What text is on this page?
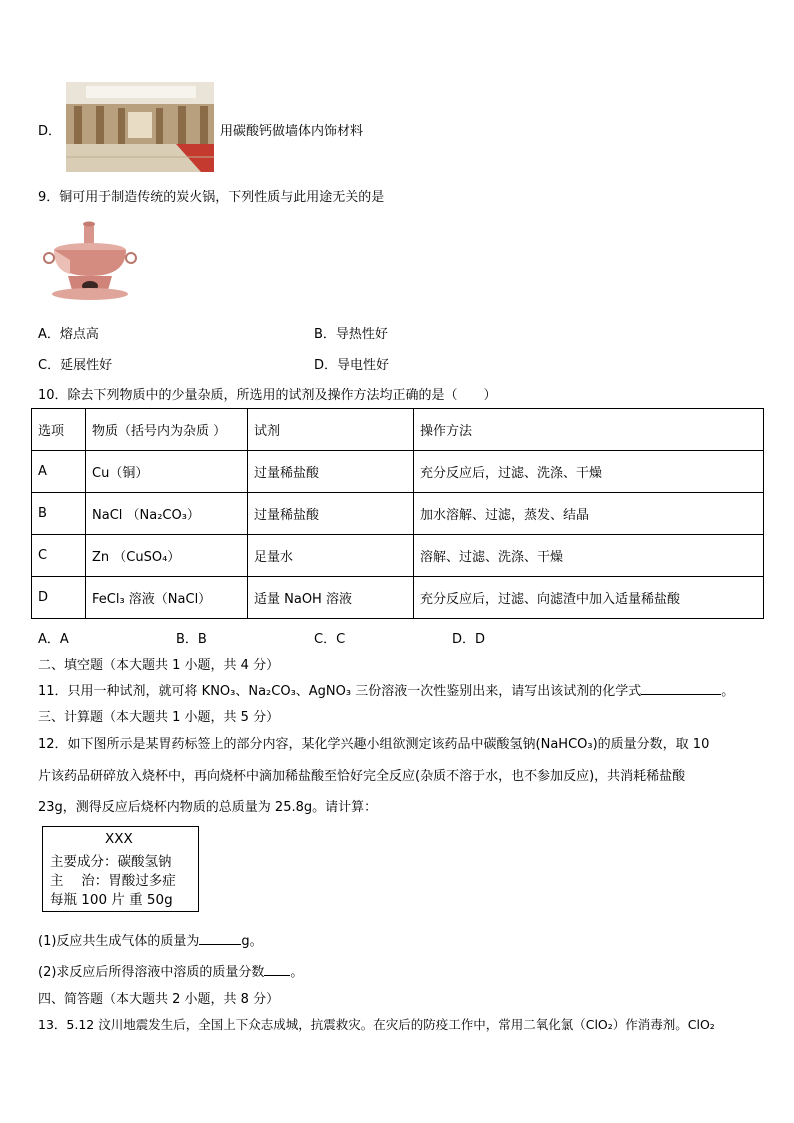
D．	用碳酸钙做墙体内饰材料
9．铜可用于制造传统的炭火锅，下列性质与此用途无关的是
A．熔点高	B．导热性好
C．延展性好	D．导电性好
10．除去下列物质中的少量杂质，所选用的试剂及操作方法均正确的是（　　）
选项	物质（括号内为杂质 ）	试剂	操作方法
A	Cu（铜）	过量稀盐酸	充分反应后，过滤、洗涤、干燥
B	NaCl （Na₂CO₃）	过量稀盐酸	加水溶解、过滤，蒸发、结晶
C	Zn （CuSO₄）	足量水	溶解、过滤、洗涤、干燥
D	FeCl₃ 溶液（NaCl）	适量 NaOH 溶液	充分反应后，过滤、向滤渣中加入适量稀盐酸
A．A	B．B	C．C	D．D
二、填空题（本大题共 1 小题，共 4 分）
11．只用一种试剂，就可将 KNO₃、Na₂CO₃、AgNO₃ 三份溶液一次性鉴别出来，请写出该试剂的化学式	。
三、计算题（本大题共 1 小题，共 5 分）
12．如下图所示是某胃药标签上的部分内容，某化学兴趣小组欲测定该药品中碳酸氢钠(NaHCO₃)的质量分数，取 10
片该药品研碎放入烧杯中，再向烧杯中滴加稀盐酸至恰好完全反应(杂质不溶于水，也不参加反应)，共消耗稀盐酸
23g，测得反应后烧杯内物质的总质量为 25.8g。请计算：
XXX
主要成分：碳酸氢钠
主　 治：胃酸过多症
每瓶 100 片 重 50g
(1)反应共生成气体的质量为	g。
(2)求反应后所得溶液中溶质的质量分数 。
四、简答题（本大题共 2 小题，共 8 分）
13．5.12 汶川地震发生后，全国上下众志成城，抗震救灾。在灾后的防疫工作中，常用二氧化氯（ClO₂）作消毒剂。ClO₂
